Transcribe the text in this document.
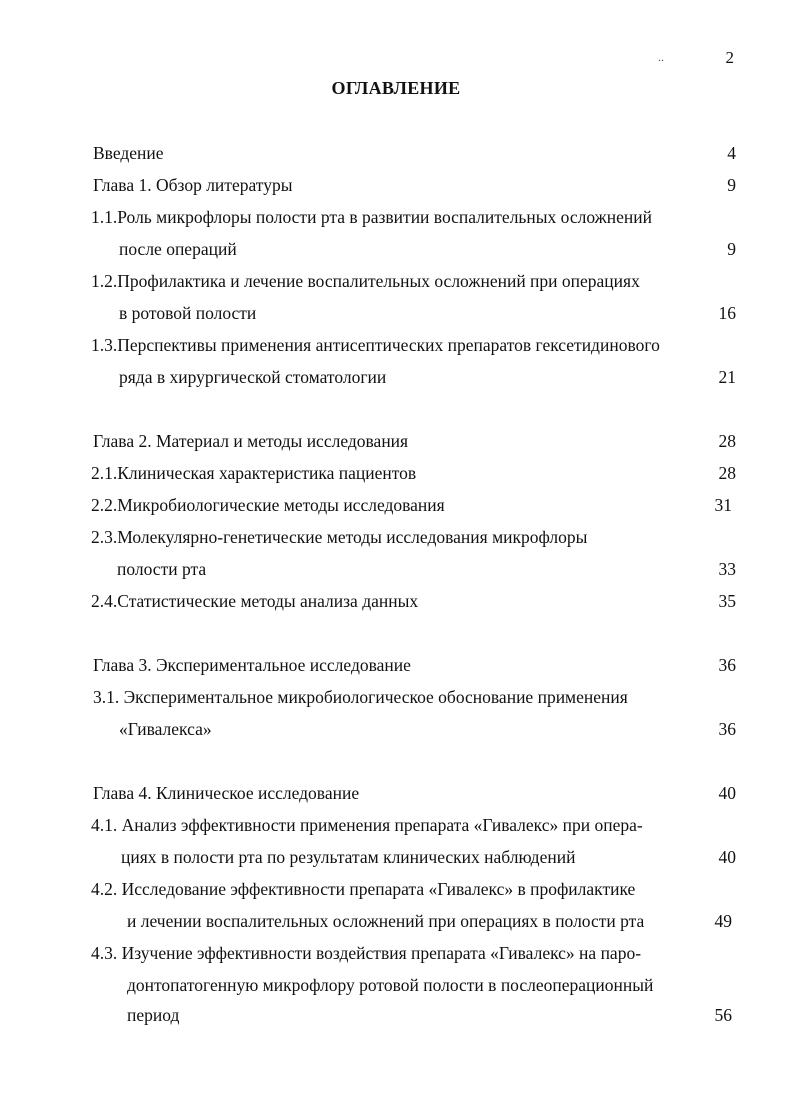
..	2
ОГЛАВЛЕНИЕ
Введение	4
Глава 1. Обзор литературы	9
1.1.Роль микрофлоры полости рта в развитии воспалительных осложнений
после операций	9
1.2.Профилактика и лечение воспалительных осложнений при операциях
в ротовой полости	16
1.3.Перспективы применения антисептических препаратов гексетидинового
ряда в хирургической стоматологии	21
Глава 2. Материал и методы исследования	28
2.1.Клиническая характеристика пациентов	28
2.2.Микробиологические методы исследования	31
2.3.Молекулярно-генетические методы исследования микрофлоры
полости рта	33
2.4.Статистические методы анализа данных	35
Глава 3. Экспериментальное исследование	36
3.1. Экспериментальное микробиологическое обоснование применения
«Гивалекса»	36
Глава 4. Клиническое исследование	40
4.1. Анализ эффективности применения препарата «Гивалекс» при опера-
циях в полости рта по результатам клинических наблюдений	40
4.2. Исследование эффективности препарата «Гивалекс» в профилактике
и лечении воспалительных осложнений при операциях в полости рта	49
4.3. Изучение эффективности воздействия препарата «Гивалекс» на паро-
донтопатогенную микрофлору ротовой полости в послеоперационный
период	56
